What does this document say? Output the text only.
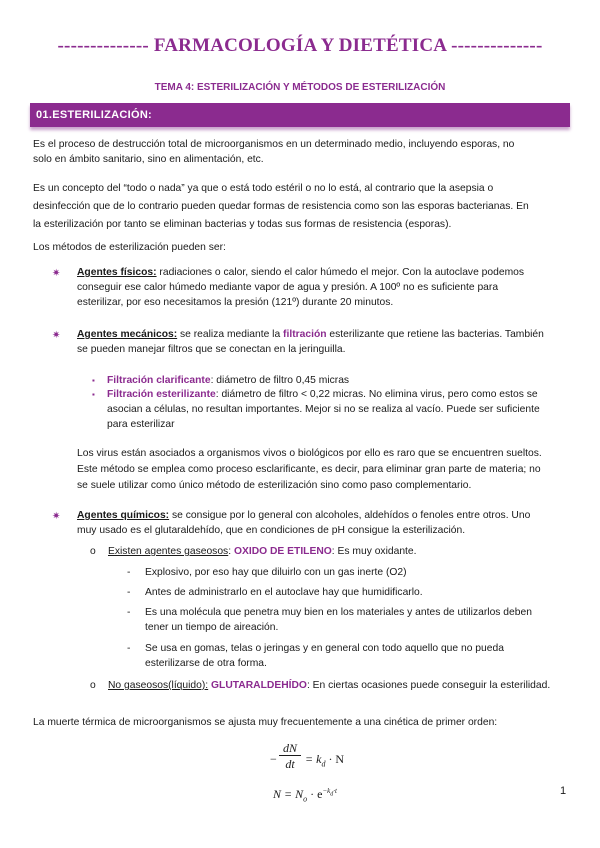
-------------- FARMACOLOGÍA Y DIETÉTICA --------------
TEMA 4: ESTERILIZACIÓN Y MÉTODOS DE ESTERILIZACIÓN
01.ESTERILIZACIÓN:
Es el proceso de destrucción total de microorganismos en un determinado medio, incluyendo esporas, no
solo en ámbito sanitario, sino en alimentación, etc.
Es un concepto del “todo o nada” ya que o está todo estéril o no lo está, al contrario que la asepsia o
desinfección que de lo contrario pueden quedar formas de resistencia como son las esporas bacterianas. En
la esterilización por tanto se eliminan bacterias y todas sus formas de resistencia (esporas).
Los métodos de esterilización pueden ser:
✷	Agentes físicos: radiaciones o calor, siendo el calor húmedo el mejor. Con la autoclave podemos
conseguir ese calor húmedo mediante vapor de agua y presión. A 100º no es suficiente para
esterilizar, por eso necesitamos la presión (121º) durante 20 minutos.
✷	Agentes mecánicos: se realiza mediante la filtración esterilizante que retiene las bacterias. También
se pueden manejar filtros que se conectan en la jeringuilla.
▪	Filtración clarificante: diámetro de filtro 0,45 micras
▪	Filtración esterilizante: diámetro de filtro < 0,22 micras. No elimina virus, pero como estos se
asocian a células, no resultan importantes. Mejor si no se realiza al vacío. Puede ser suficiente
para esterilizar
Los virus están asociados a organismos vivos o biológicos por ello es raro que se encuentren sueltos.
Este método se emplea como proceso esclarificante, es decir, para eliminar gran parte de materia; no
se suele utilizar como único método de esterilización sino como paso complementario.
✷	Agentes químicos: se consigue por lo general con alcoholes, aldehídos o fenoles entre otros. Uno
muy usado es el glutaraldehído, que en condiciones de pH consigue la esterilización.
o Existen agentes gaseosos: OXIDO DE ETILENO: Es muy oxidante.
- Explosivo, por eso hay que diluirlo con un gas inerte (O2)
- Antes de administrarlo en el autoclave hay que humidificarlo.
- Es una molécula que penetra muy bien en los materiales y antes de utilizarlos deben
tener un tiempo de aireación.
- Se usa en gomas, telas o jeringas y en general con todo aquello que no pueda
esterilizarse de otra forma.
o No gaseosos(líquido): GLUTARALDEHÍDO: En ciertas ocasiones puede conseguir la esterilidad.
La muerte térmica de microorganismos se ajusta muy frecuentemente a una cinética de primer orden:
−
dN
dt = $k_d \cdot N$
$N = N_o \cdot e^{-k_d\cdot t}$	1
